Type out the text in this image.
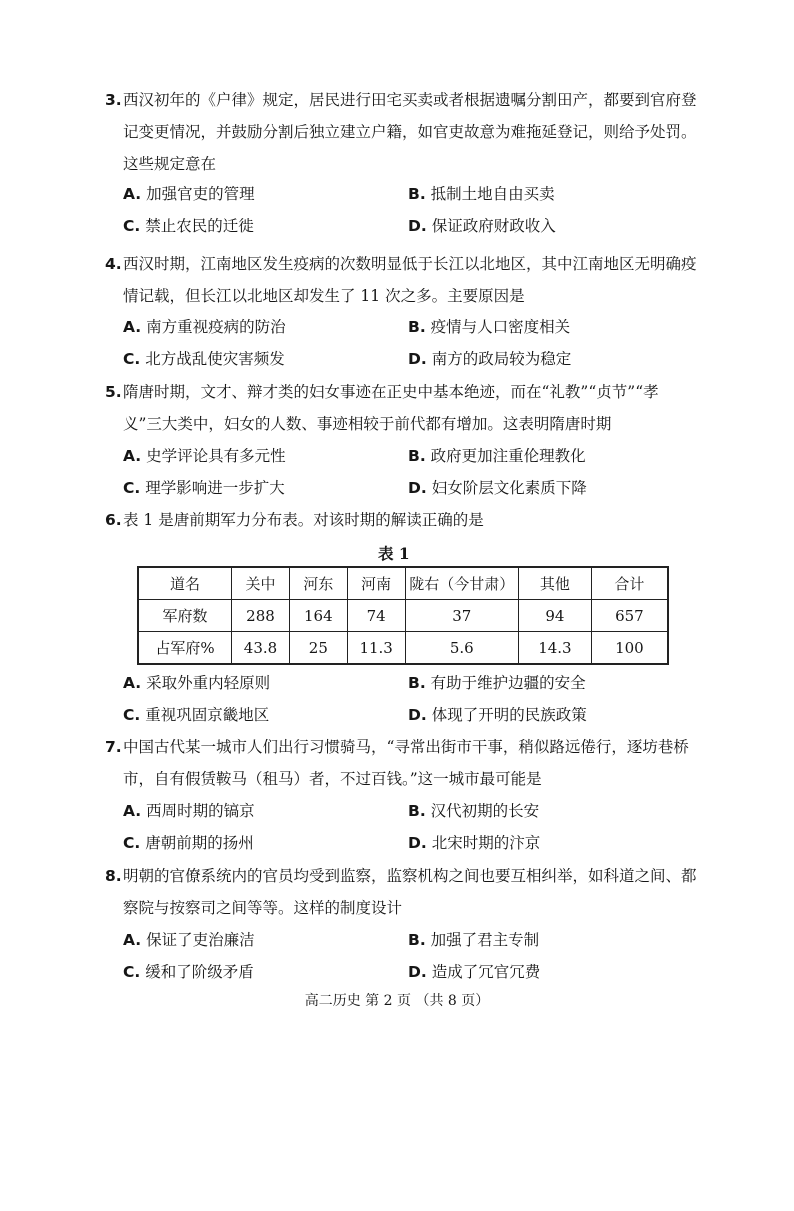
3. 西汉初年的《户律》规定，居民进行田宅买卖或者根据遗嘱分割田产，都要到官府登
记变更情况，并鼓励分割后独立建立户籍，如官吏故意为难拖延登记，则给予处罚。
这些规定意在
A. 加强官吏的管理	B. 抵制土地自由买卖
C. 禁止农民的迁徙	D. 保证政府财政收入
4. 西汉时期，江南地区发生疫病的次数明显低于长江以北地区，其中江南地区无明确疫
情记载，但长江以北地区却发生了 11 次之多。主要原因是
A. 南方重视疫病的防治	B. 疫情与人口密度相关
C. 北方战乱使灾害频发	D. 南方的政局较为稳定
5. 隋唐时期，文才、辩才类的妇女事迹在正史中基本绝迹，而在“礼教”“贞节”“孝
义”三大类中，妇女的人数、事迹相较于前代都有增加。这表明隋唐时期
A. 史学评论具有多元性	B. 政府更加注重伦理教化
C. 理学影响进一步扩大	D. 妇女阶层文化素质下降
6. 表 1 是唐前期军力分布表。对该时期的解读正确的是
表 1
道名	关中	河东	河南	陇右（今甘肃）	其他	合计
军府数	288	164	74	37	94	657
占军府%	43.8	25	11.3	5.6	14.3	100
A. 采取外重内轻原则	B. 有助于维护边疆的安全
C. 重视巩固京畿地区	D. 体现了开明的民族政策
7. 中国古代某一城市人们出行习惯骑马，“寻常出街市干事，稍似路远倦行，逐坊巷桥
市，自有假赁鞍马（租马）者，不过百钱。”这一城市最可能是
A. 西周时期的镐京	B. 汉代初期的长安
C. 唐朝前期的扬州	D. 北宋时期的汴京
8. 明朝的官僚系统内的官员均受到监察，监察机构之间也要互相纠举，如科道之间、都
察院与按察司之间等等。这样的制度设计
A. 保证了吏治廉洁	B. 加强了君主专制
C. 缓和了阶级矛盾	D. 造成了冗官冗费
高二历史 第 2 页 （共 8 页）
